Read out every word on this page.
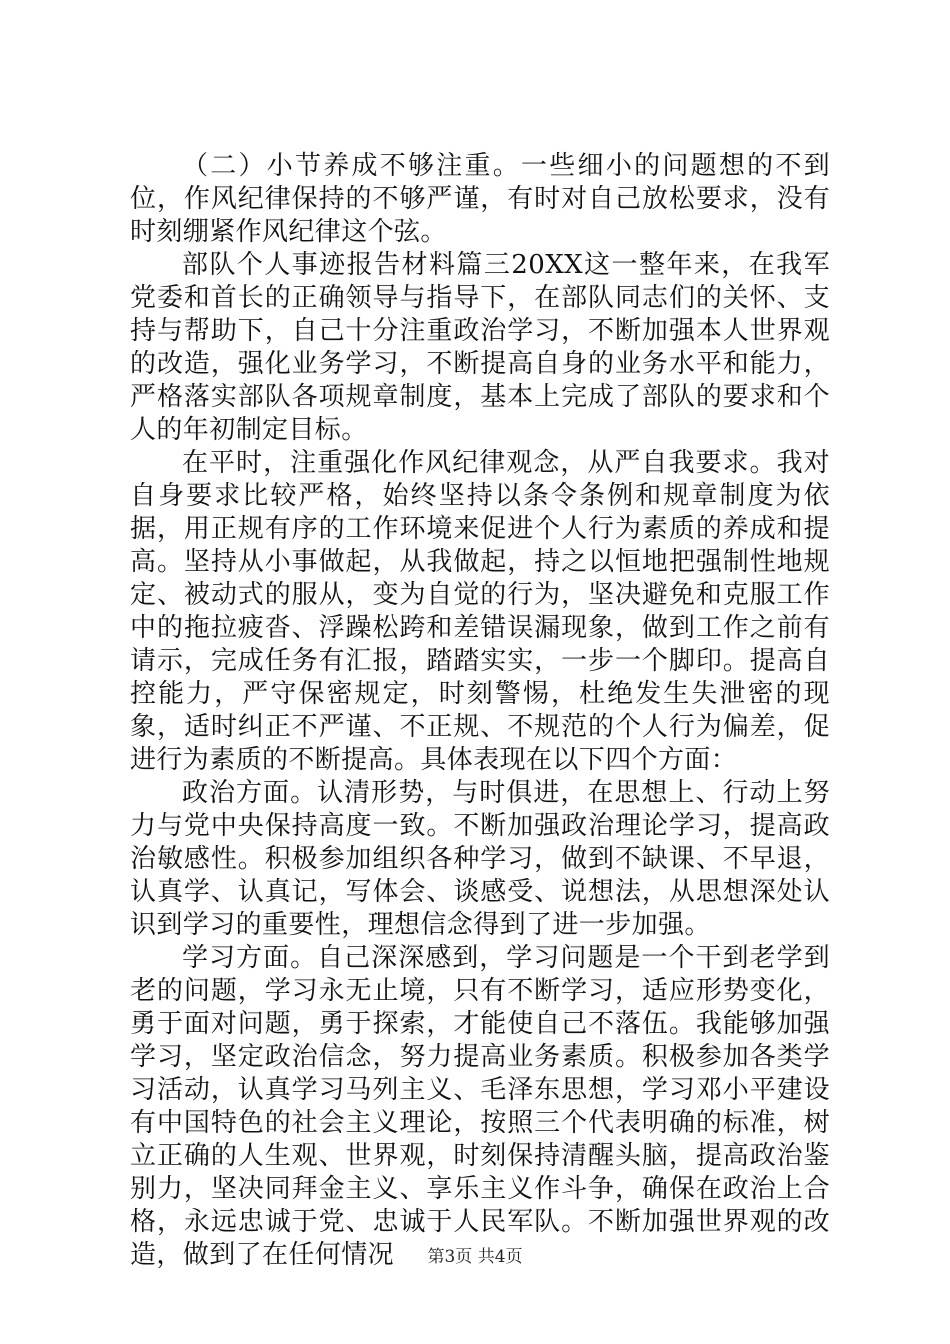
（二）小节养成不够注重。一些细小的问题想的不到位，作风纪律保持的不够严谨，有时对自己放松要求，没有时刻绷紧作风纪律这个弦。

部队个人事迹报告材料篇三20XX这一整年来，在我军党委和首长的正确领导与指导下，在部队同志们的关怀、支持与帮助下，自己十分注重政治学习，不断加强本人世界观的改造，强化业务学习，不断提高自身的业务水平和能力，严格落实部队各项规章制度，基本上完成了部队的要求和个人的年初制定目标。

在平时，注重强化作风纪律观念，从严自我要求。我对自身要求比较严格，始终坚持以条令条例和规章制度为依据，用正规有序的工作环境来促进个人行为素质的养成和提高。坚持从小事做起，从我做起，持之以恒地把强制性地规定、被动式的服从，变为自觉的行为，坚决避免和克服工作中的拖拉疲沓、浮躁松跨和差错误漏现象，做到工作之前有请示，完成任务有汇报，踏踏实实，一步一个脚印。提高自控能力，严守保密规定，时刻警惕，杜绝发生失泄密的现象，适时纠正不严谨、不正规、不规范的个人行为偏差，促进行为素质的不断提高。具体表现在以下四个方面：

政治方面。认清形势，与时俱进，在思想上、行动上努力与党中央保持高度一致。不断加强政治理论学习，提高政治敏感性。积极参加组织各种学习，做到不缺课、不早退，认真学、认真记，写体会、谈感受、说想法，从思想深处认识到学习的重要性，理想信念得到了进一步加强。

学习方面。自己深深感到，学习问题是一个干到老学到老的问题，学习永无止境，只有不断学习，适应形势变化，勇于面对问题，勇于探索，才能使自己不落伍。我能够加强学习，坚定政治信念，努力提高业务素质。积极参加各类学习活动，认真学习马列主义、毛泽东思想，学习邓小平建设有中国特色的社会主义理论，按照三个代表明确的标准，树立正确的人生观、世界观，时刻保持清醒头脑，提高政治鉴别力，坚决同拜金主义、享乐主义作斗争，确保在政治上合格，永远忠诚于党、忠诚于人民军队。不断加强世界观的改造，做到了在任何情况	第3页 共4页
